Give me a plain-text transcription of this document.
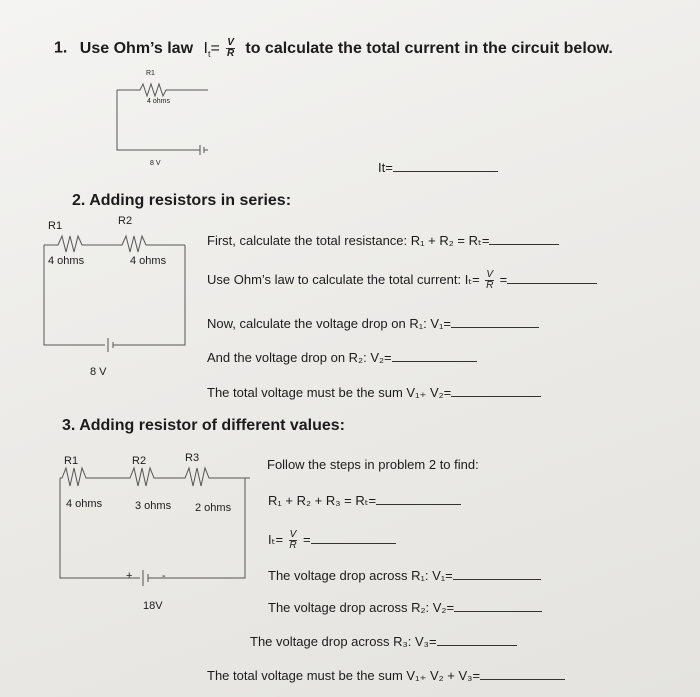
1. Use Ohm’s law $I_t= \frac{V}{R}$ to calculate the total current in the circuit below.
R1
4 ohms
8 V	It=
2. Adding resistors in series:
R1	R2
4 ohms	4 ohms
8 V
First, calculate the total resistance: R₁ + R₂ = Rₜ=
Use Ohm’s law to calculate the total current: $I_t= \frac{V}{R}$ =
Now, calculate the voltage drop on R₁: V₁=
And the voltage drop on R₂: V₂=
The total voltage must be the sum V₁₊ V₂=
3. Adding resistor of different values:
R1	R2	R3
4 ohms	3 ohms 2 ohms
+	-
18V
Follow the steps in problem 2 to find:
R₁ + R₂ + R₃ = Rₜ=
$I_t= \frac{V}{R}$ =
The voltage drop across R₁: V₁=
The voltage drop across R₂: V₂=
The voltage drop across R₃: V₃=
The total voltage must be the sum V₁₊ V₂ + V₃=
